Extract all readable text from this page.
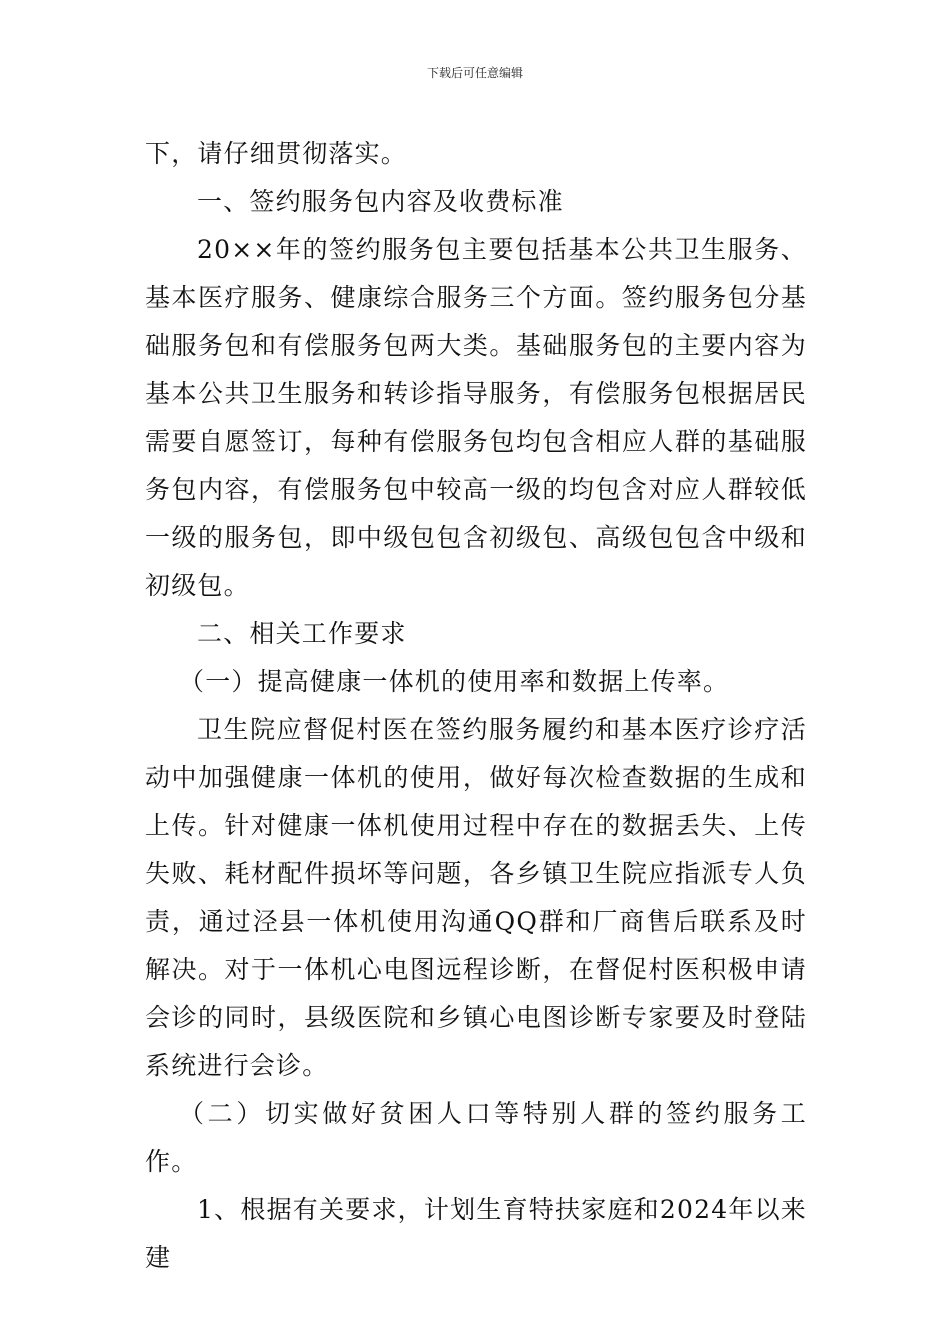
下载后可任意编辑

下，请仔细贯彻落实。

一、签约服务包内容及收费标准

20××年的签约服务包主要包括基本公共卫生服务、基本医疗服务、健康综合服务三个方面。签约服务包分基础服务包和有偿服务包两大类。基础服务包的主要内容为基本公共卫生服务和转诊指导服务，有偿服务包根据居民需要自愿签订，每种有偿服务包均包含相应人群的基础服务包内容，有偿服务包中较高一级的均包含对应人群较低一级的服务包，即中级包包含初级包、高级包包含中级和初级包。

二、相关工作要求

（一）提高健康一体机的使用率和数据上传率。

卫生院应督促村医在签约服务履约和基本医疗诊疗活动中加强健康一体机的使用，做好每次检查数据的生成和上传。针对健康一体机使用过程中存在的数据丢失、上传失败、耗材配件损坏等问题，各乡镇卫生院应指派专人负责，通过泾县一体机使用沟通QQ群和厂商售后联系及时解决。对于一体机心电图远程诊断，在督促村医积极申请会诊的同时，县级医院和乡镇心电图诊断专家要及时登陆系统进行会诊。

（二）切实做好贫困人口等特别人群的签约服务工作。

1、根据有关要求，计划生育特扶家庭和2024年以来建
